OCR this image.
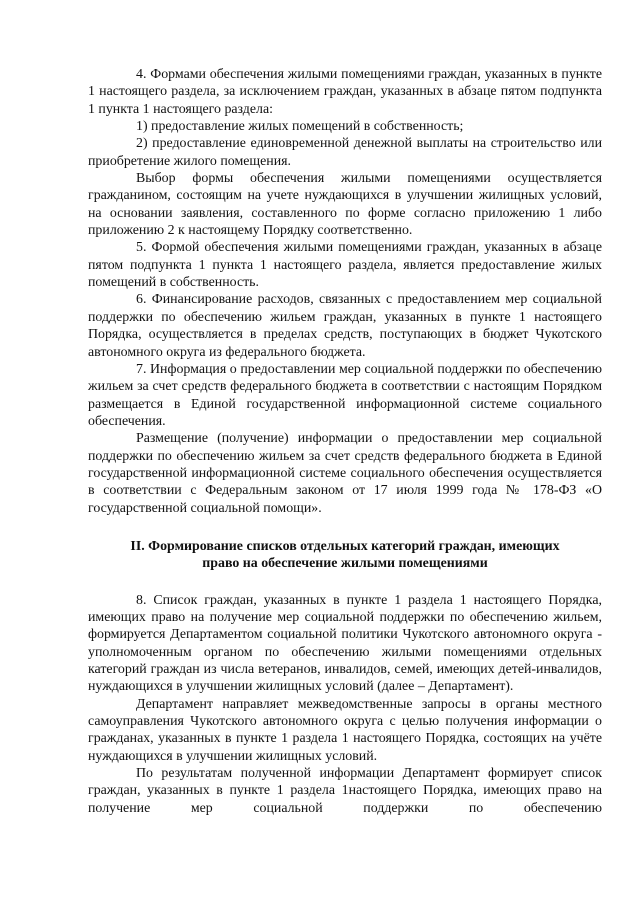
4. Формами обеспечения жилыми помещениями граждан, указанных в пункте 1 настоящего раздела, за исключением граждан, указанных в абзаце пятом подпункта 1 пункта 1 настоящего раздела:

1) предоставление жилых помещений в собственность;

2) предоставление единовременной денежной выплаты на строительство или приобретение жилого помещения.

Выбор формы обеспечения жилыми помещениями осуществляется гражданином, состоящим на учете нуждающихся в улучшении жилищных условий, на основании заявления, составленного по форме согласно приложению 1 либо приложению 2 к настоящему Порядку соответственно.

5. Формой обеспечения жилыми помещениями граждан, указанных в абзаце пятом подпункта 1 пункта 1 настоящего раздела, является предоставление жилых помещений в собственность.

6. Финансирование расходов, связанных с предоставлением мер социальной поддержки по обеспечению жильем граждан, указанных в пункте 1 настоящего Порядка, осуществляется в пределах средств, поступающих в бюджет Чукотского автономного округа из федерального бюджета.

7. Информация о предоставлении мер социальной поддержки по обеспечению жильем за счет средств федерального бюджета в соответствии с настоящим Порядком размещается в Единой государственной информационной системе социального обеспечения.

Размещение (получение) информации о предоставлении мер социальной поддержки по обеспечению жильем за счет средств федерального бюджета в Единой государственной информационной системе социального обеспечения осуществляется в соответствии с Федеральным законом от 17 июля 1999 года № 178-ФЗ «О государственной социальной помощи».

II. Формирование списков отдельных категорий граждан, имеющих
право на обеспечение жилыми помещениями

8. Список граждан, указанных в пункте 1 раздела 1 настоящего Порядка, имеющих право на получение мер социальной поддержки по обеспечению жильем, формируется Департаментом социальной политики Чукотского автономного округа - уполномоченным органом по обеспечению жилыми помещениями отдельных категорий граждан из числа ветеранов, инвалидов, семей, имеющих детей-инвалидов, нуждающихся в улучшении жилищных условий (далее – Департамент).

Департамент направляет межведомственные запросы в органы местного самоуправления Чукотского автономного округа с целью получения информации о гражданах, указанных в пункте 1 раздела 1 настоящего Порядка, состоящих на учёте нуждающихся в улучшении жилищных условий.

По результатам полученной информации Департамент формирует список граждан, указанных в пункте 1 раздела 1настоящего Порядка, имеющих право на получение мер социальной поддержки по обеспечению
